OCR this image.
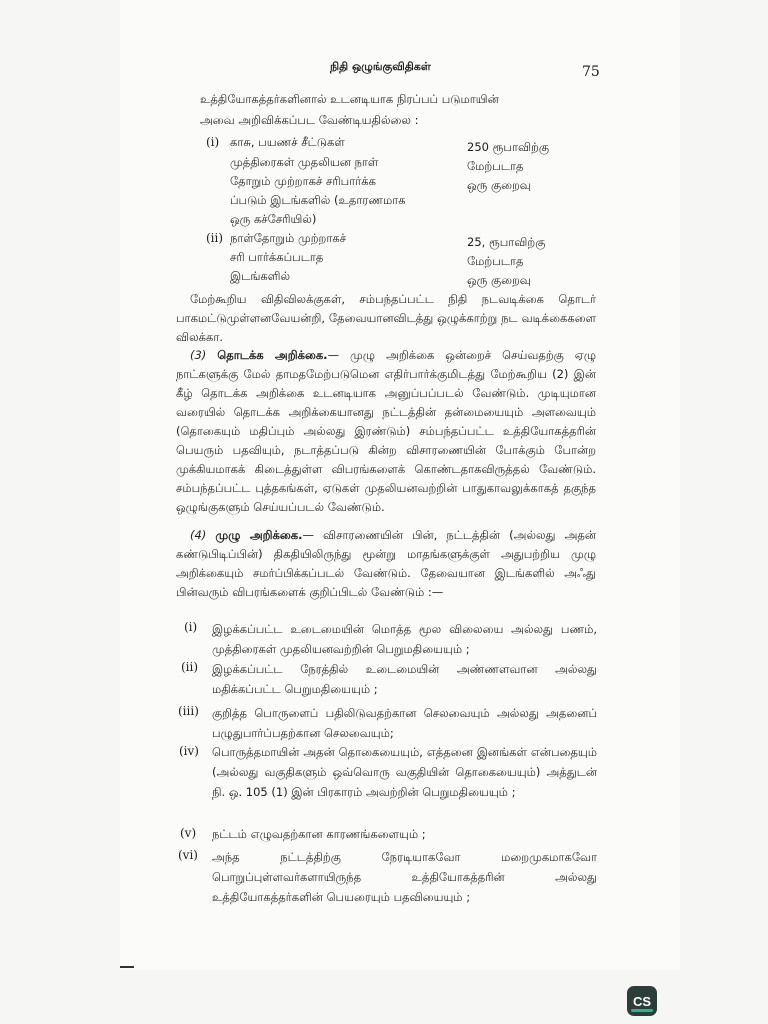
நிதி ஒழுங்குவிதிகள்	75
உத்தியோகத்தர்களினால் உடனடியாக நிரப்பப் படுமாயின்
அவை அறிவிக்கப்பட வேண்டியதில்லை :
(i) காசு, பயணச் சீட்டுகள்
முத்திரைகள் முதலியன நாள்
தோறும் முற்றாகச் சரிபார்க்க
ப்படும் இடங்களில் (உதாரணமாக
ஒரு கச்சேரியில்)
250 ரூபாவிற்கு
மேற்படாத
ஒரு குறைவு
(ii) நாள்தோறும் முற்றாகச்
சரி பார்க்கப்படாத
இடங்களில்
25, ரூபாவிற்கு
மேற்படாத
ஒரு குறைவு
மேற்கூறிய விதிவிலக்குகள், சம்பந்தப்பட்ட நிதி நடவடிக்கை தொடர் பாகமட்டுமுள்ளனவேயன்றி, தேவையானவிடத்து ஒழுக்காற்று நட வடிக்கைகளை விலக்கா.
(3) தொடக்க அறிக்கை.— முழு அறிக்கை ஒன்றைச் செய்வதற்கு ஏழு நாட்களுக்கு மேல் தாமதமேற்படுமென எதிர்பார்க்குமிடத்து மேற்கூறிய (2) இன் கீழ் தொடக்க அறிக்கை உடனடியாக அனுப்பப்படல் வேண்டும். முடியுமான வரையில் தொடக்க அறிக்கையானது நட்டத்தின் தன்மையையும் அளவையும் (தொகையும் மதிப்பும் அல்லது இரண்டும்) சம்பந்தப்பட்ட உத்தியோகத்தரின் பெயரும் பதவியும், நடாத்தப்படு கின்ற விசாரணையின் போக்கும் போன்ற முக்கியமாகக் கிடைத்துள்ள விபரங்களைக் கொண்டதாகவிருத்தல் வேண்டும். சம்பந்தப்பட்ட புத்தகங்கள், ஏடுகள் முதலியனவற்றின் பாதுகாவலுக்காகத் தகுந்த ஒழுங்குகளும் செய்யப்படல் வேண்டும்.
(4) முழு அறிக்கை.— விசாரணையின் பின், நட்டத்தின் (அல்லது அதன் கண்டுபிடிப்பின்) திகதியிலிருந்து மூன்று மாதங்களுக்குள் அதுபற்றிய முழு அறிக்கையும் சமர்ப்பிக்கப்படல் வேண்டும். தேவையான இடங்களில் அஃது பின்வரும் விபரங்களைக் குறிப்பிடல் வேண்டும் :—
(i) இழக்கப்பட்ட உடைமையின் மொத்த மூல விலையை அல்லது பணம், முத்திரைகள் முதலியனவற்றின் பெறுமதியையும் ;
(ii) இழக்கப்பட்ட நேரத்தில் உடைமையின் அண்ணளவான அல்லது மதிக்கப்பட்ட பெறுமதியையும் ;
(iii) குறித்த பொருளைப் பதிலிடுவதற்கான செலவையும் அல்லது அதனைப் பழுதுபார்ப்பதற்கான செலவையும்;
(iv) பொருத்தமாயின் அதன் தொகையையும், எத்தனை இனங்கள் என்பதையும் (அல்லது வகுதிகளும் ஒவ்வொரு வகுதியின் தொகையையும்) அத்துடன் நி. ஒ. 105 (1) இன் பிரகாரம் அவற்றின் பெறுமதியையும் ;
(v) நட்டம் எழுவதற்கான காரணங்களையும் ;
(vi) அந்த நட்டத்திற்கு நேரடியாகவோ மறைமுகமாகவோ பொறுப்புள்ளவர்களாயிருந்த உத்தியோகத்தரின் அல்லது உத்தியோகத்தர்களின் பெயரையும் பதவியையும் ;
CS
